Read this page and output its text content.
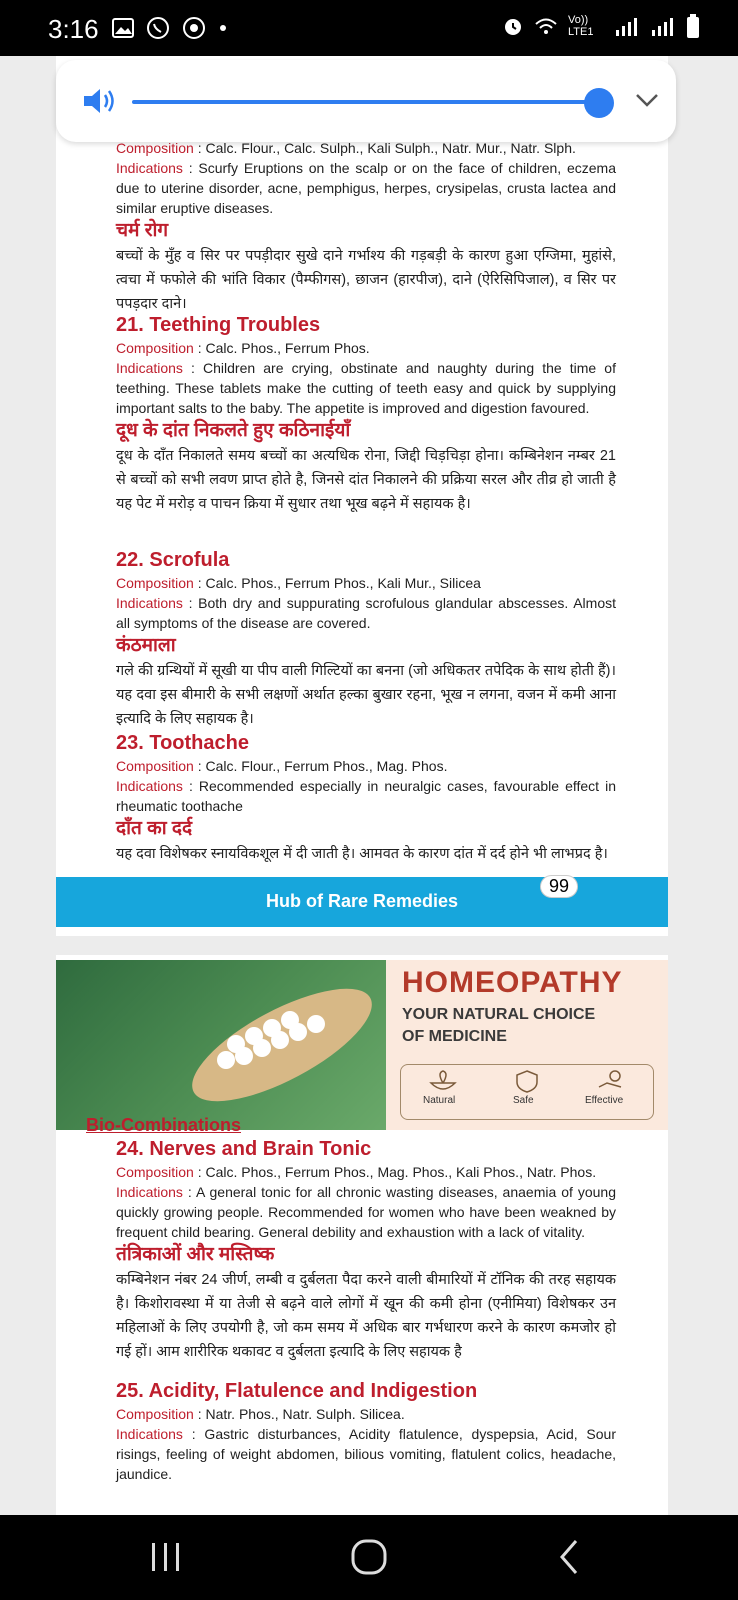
3:16	Vo)) LTE1

Composition : Calc. Flour., Calc. Sulph., Kali Sulph., Natr. Mur., Natr. Slph.

Indications : Scurfy Eruptions on the scalp or on the face of children, eczema due to uterine disorder, acne, pemphigus, herpes, crysipelas, crusta lactea and similar eruptive diseases.

चर्म रोग

बच्चों के मुँह व सिर पर पपड़ीदार सुखे दाने गर्भाश्य की गड़बड़ी के कारण हुआ एग्जिमा, मुहांसे, त्वचा में फफोले की भांति विकार (पैम्फीगस), छाजन (हारपीज), दाने (ऐरिसिपिजाल), व सिर पर पपड़दार दाने।

21. Teething Troubles

Composition : Calc. Phos., Ferrum Phos.

Indications : Children are crying, obstinate and naughty during the time of teething. These tablets make the cutting of teeth easy and quick by supplying important salts to the baby. The appetite is improved and digestion favoured.

दूध के दांत निकलते हुए कठिनाईयाँ

दूध के दाँत निकालते समय बच्चों का अत्यधिक रोना, जिद्दी चिड़चिड़ा होना। कम्बिनेशन नम्बर 21 से बच्चों को सभी लवण प्राप्त होते है, जिनसे दांत निकालने की प्रक्रिया सरल और तीव्र हो जाती है यह पेट में मरोड़ व पाचन क्रिया में सुधार तथा भूख बढ़ने में सहायक है।

22. Scrofula

Composition : Calc. Phos., Ferrum Phos., Kali Mur., Silicea

Indications : Both dry and suppurating scrofulous glandular abscesses. Almost all symptoms of the disease are covered.

कंठमाला

गले की ग्रन्थियों में सूखी या पीप वाली गिल्टियों का बनना (जो अधिकतर तपेदिक के साथ होती हैं)। यह दवा इस बीमारी के सभी लक्षणों अर्थात हल्का बुखार रहना, भूख न लगना, वजन में कमी आना इत्यादि के लिए सहायक है।

23. Toothache

Composition : Calc. Flour., Ferrum Phos., Mag. Phos.

Indications : Recommended especially in neuralgic cases, favourable effect in rheumatic toothache

दाँत का दर्द

यह दवा विशेषकर स्नायविकशूल में दी जाती है। आमवत के कारण दांत में दर्द होने भी लाभप्रद है।

99
Hub of Rare Remedies
HOMEOPATHY
YOUR NATURAL CHOICE
OF MEDICINE
Natural	Safe	Effective
Bio-Combinations

24. Nerves and Brain Tonic

Composition : Calc. Phos., Ferrum Phos., Mag. Phos., Kali Phos., Natr. Phos.

Indications : A general tonic for all chronic wasting diseases, anaemia of young quickly growing people. Recommended for women who have been weakned by frequent child bearing. General debility and exhaustion with a lack of vitality.

तंत्रिकाओं और मस्तिष्क

कम्बिनेशन नंबर 24 जीर्ण, लम्बी व दुर्बलता पैदा करने वाली बीमारियों में टॉनिक की तरह सहायक है। किशोरावस्था में या तेजी से बढ़ने वाले लोगों में खून की कमी होना (एनीमिया) विशेषकर उन महिलाओं के लिए उपयोगी है, जो कम समय में अधिक बार गर्भधारण करने के कारण कमजोर हो गई हों। आम शारीरिक थकावट व दुर्बलता इत्यादि के लिए सहायक है

25. Acidity, Flatulence and Indigestion

Composition : Natr. Phos., Natr. Sulph. Silicea.

Indications : Gastric disturbances, Acidity flatulence, dyspepsia, Acid, Sour risings, feeling of weight abdomen, bilious vomiting, flatulent colics, headache, jaundice.
